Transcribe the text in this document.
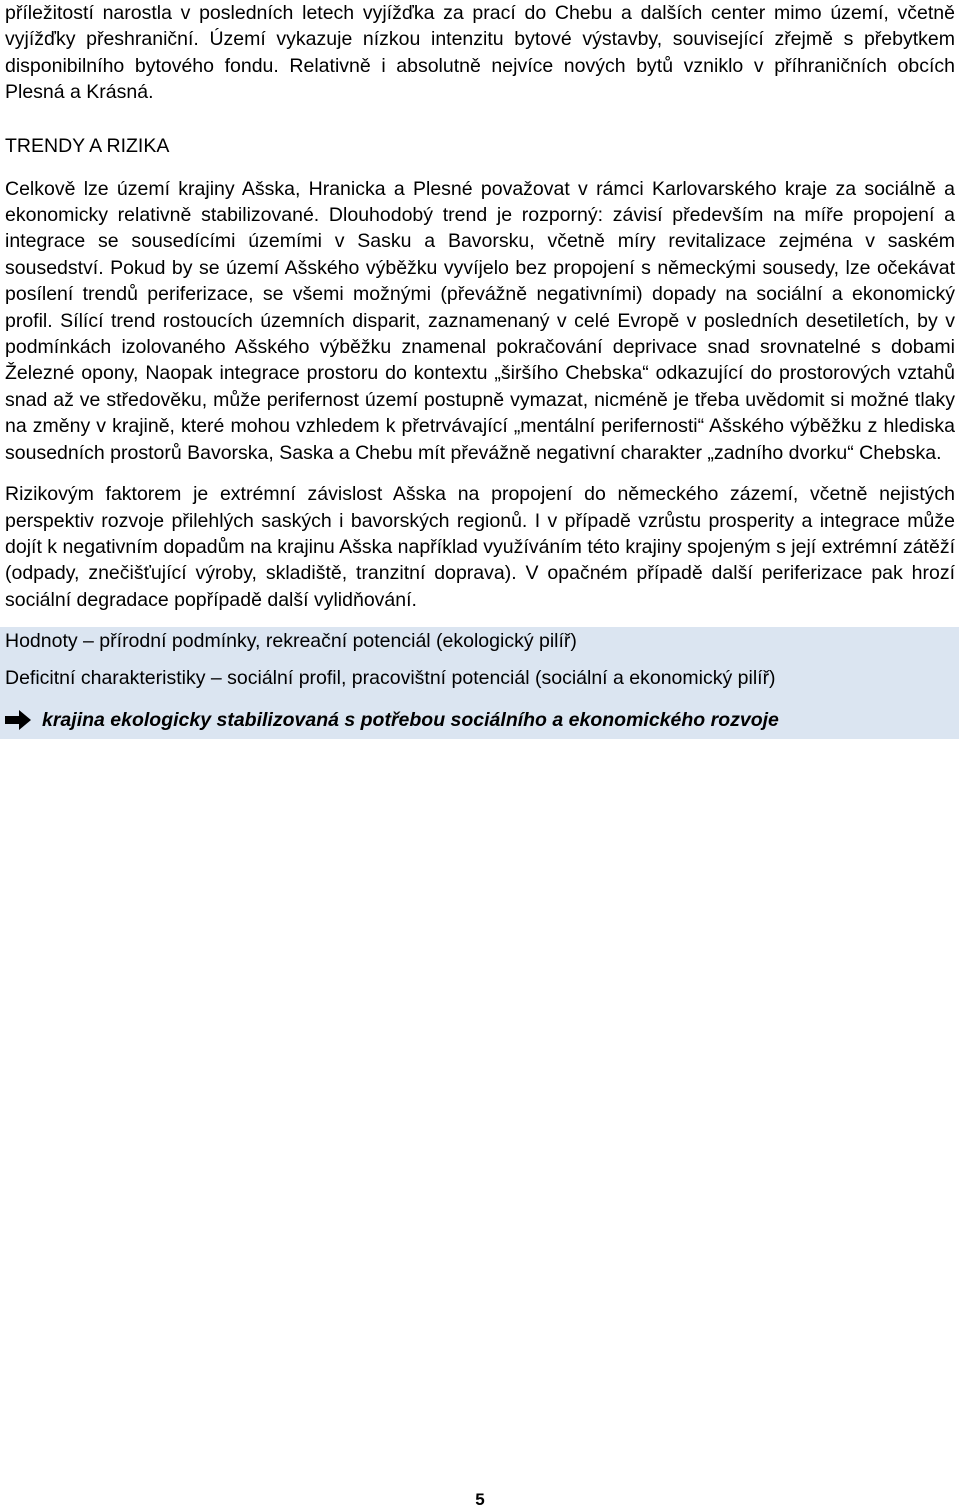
příležitostí narostla v posledních letech vyjížďka za prací do Chebu a dalších center mimo území, včetně vyjížďky přeshraniční. Území vykazuje nízkou intenzitu bytové výstavby, související zřejmě s přebytkem disponibilního bytového fondu. Relativně i absolutně nejvíce nových bytů vzniklo v příhraničních obcích Plesná a Krásná.

TRENDY A RIZIKA

Celkově lze území krajiny Ašska, Hranicka a Plesné považovat v rámci Karlovarského kraje za sociálně a ekonomicky relativně stabilizované. Dlouhodobý trend je rozporný: závisí především na míře propojení a integrace se sousedícími územími v Sasku a Bavorsku, včetně míry revitalizace zejména v saském sousedství. Pokud by se území Ašského výběžku vyvíjelo bez propojení s německými sousedy, lze očekávat posílení trendů periferizace, se všemi možnými (převážně negativními) dopady na sociální a ekonomický profil. Sílící trend rostoucích územních disparit, zaznamenaný v celé Evropě v posledních desetiletích, by v podmínkách izolovaného Ašského výběžku znamenal pokračování deprivace snad srovnatelné s dobami Železné opony, Naopak integrace prostoru do kontextu „širšího Chebska“ odkazující do prostorových vztahů snad až ve středověku, může perifernost území postupně vymazat, nicméně je třeba uvědomit si možné tlaky na změny v krajině, které mohou vzhledem k přetrvávající „mentální perifernosti“ Ašského výběžku z hlediska sousedních prostorů Bavorska, Saska a Chebu mít převážně negativní charakter „zadního dvorku“ Chebska.

Rizikovým faktorem je extrémní závislost Ašska na propojení do německého zázemí, včetně nejistých perspektiv rozvoje přilehlých saských i bavorských regionů. I v případě vzrůstu prosperity a integrace může dojít k negativním dopadům na krajinu Ašska například využíváním této krajiny spojeným s její extrémní zátěží (odpady, znečišťující výroby, skladiště, tranzitní doprava). V opačném případě další periferizace pak hrozí sociální degradace popřípadě další vylidňování.

Hodnoty – přírodní podmínky, rekreační potenciál (ekologický pilíř)
Deficitní charakteristiky – sociální profil, pracovištní potenciál (sociální a ekonomický pilíř)
krajina ekologicky stabilizovaná s potřebou sociálního a ekonomického rozvoje
5
